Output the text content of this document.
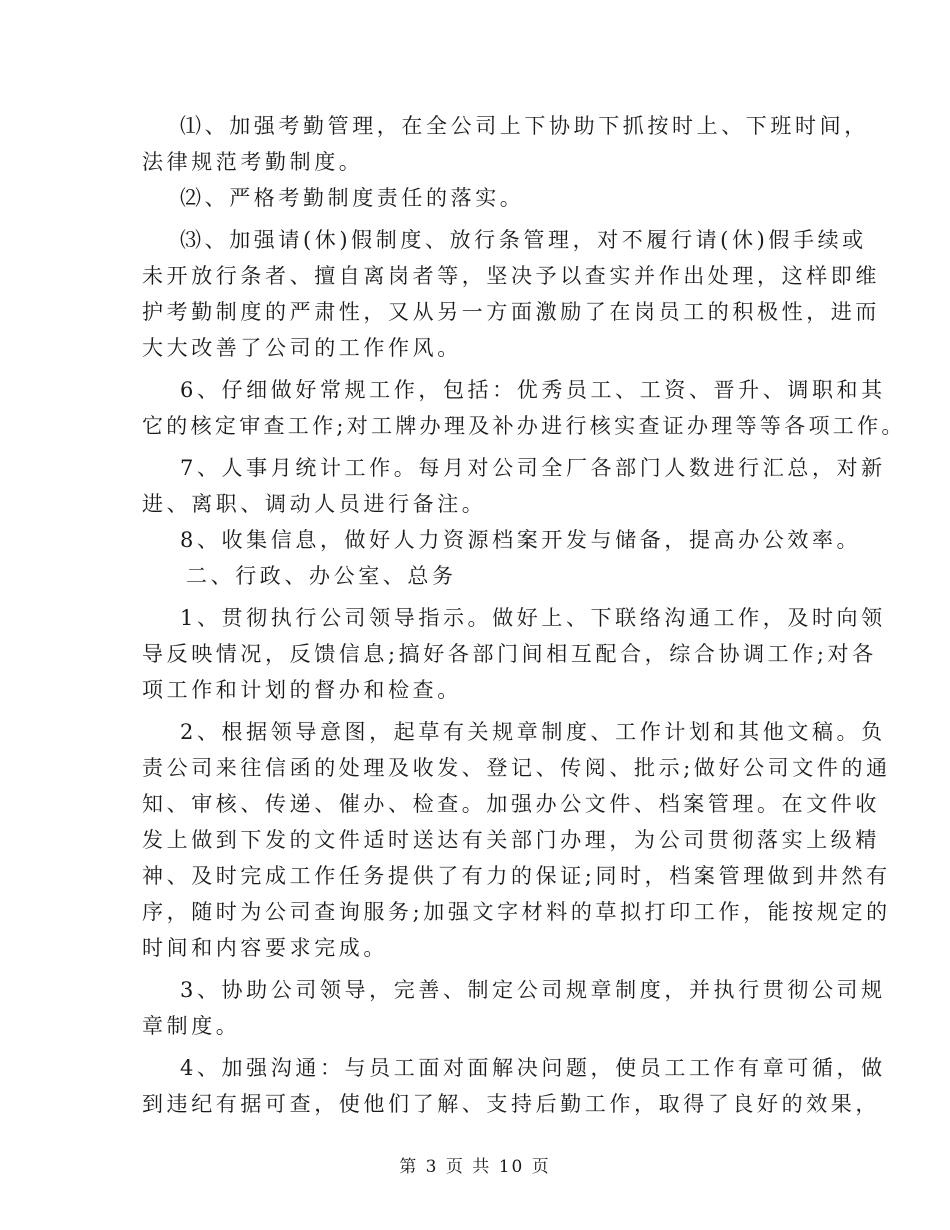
⑴、加强考勤管理，在全公司上下协助下抓按时上、下班时间，
法律规范考勤制度。
⑵、严格考勤制度责任的落实。
⑶、加强请(休)假制度、放行条管理，对不履行请(休)假手续或
未开放行条者、擅自离岗者等，坚决予以查实并作出处理，这样即维
护考勤制度的严肃性，又从另一方面激励了在岗员工的积极性，进而
大大改善了公司的工作作风。
6、仔细做好常规工作，包括：优秀员工、工资、晋升、调职和其
它的核定审查工作;对工牌办理及补办进行核实查证办理等等各项工作。
7、人事月统计工作。每月对公司全厂各部门人数进行汇总，对新
进、离职、调动人员进行备注。
8、收集信息，做好人力资源档案开发与储备，提高办公效率。
二、行政、办公室、总务
1、贯彻执行公司领导指示。做好上、下联络沟通工作，及时向领
导反映情况，反馈信息;搞好各部门间相互配合，综合协调工作;对各
项工作和计划的督办和检查。
2、根据领导意图，起草有关规章制度、工作计划和其他文稿。负
责公司来往信函的处理及收发、登记、传阅、批示;做好公司文件的通
知、审核、传递、催办、检查。加强办公文件、档案管理。在文件收
发上做到下发的文件适时送达有关部门办理，为公司贯彻落实上级精
神、及时完成工作任务提供了有力的保证;同时，档案管理做到井然有
序，随时为公司查询服务;加强文字材料的草拟打印工作，能按规定的
时间和内容要求完成。
3、协助公司领导，完善、制定公司规章制度，并执行贯彻公司规
章制度。
4、加强沟通：与员工面对面解决问题，使员工工作有章可循，做
到违纪有据可查，使他们了解、支持后勤工作，取得了良好的效果，
第 3 页 共 10 页
